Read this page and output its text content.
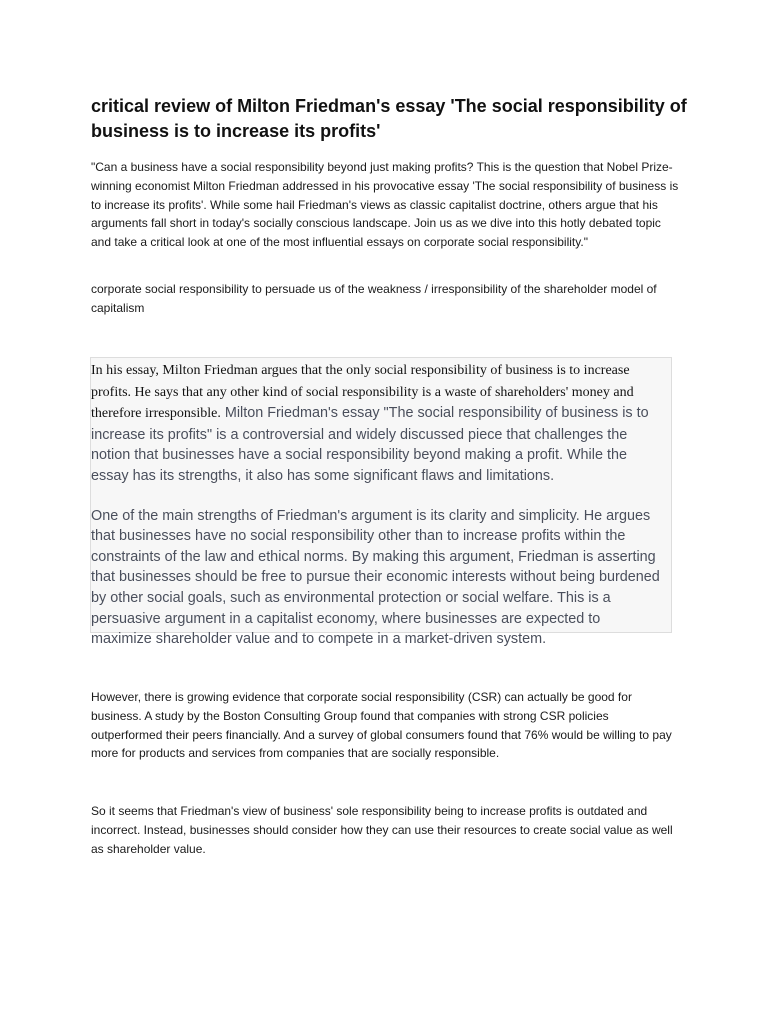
critical review of Milton Friedman's essay 'The social responsibility of business is to increase its profits'

"Can a business have a social responsibility beyond just making profits? This is the question that Nobel Prize-winning economist Milton Friedman addressed in his provocative essay 'The social responsibility of business is to increase its profits'. While some hail Friedman's views as classic capitalist doctrine, others argue that his arguments fall short in today's socially conscious landscape. Join us as we dive into this hotly debated topic and take a critical look at one of the most influential essays on corporate social responsibility."

corporate social responsibility to persuade us of the weakness / irresponsibility of the shareholder model of capitalism

In his essay, Milton Friedman argues that the only social responsibility of business is to increase profits. He says that any other kind of social responsibility is a waste of shareholders' money and therefore irresponsible. Milton Friedman's essay "The social responsibility of business is to increase its profits" is a controversial and widely discussed piece that challenges the notion that businesses have a social responsibility beyond making a profit. While the essay has its strengths, it also has some significant flaws and limitations.

One of the main strengths of Friedman's argument is its clarity and simplicity. He argues that businesses have no social responsibility other than to increase profits within the constraints of the law and ethical norms. By making this argument, Friedman is asserting that businesses should be free to pursue their economic interests without being burdened by other social goals, such as environmental protection or social welfare. This is a persuasive argument in a capitalist economy, where businesses are expected to maximize shareholder value and to compete in a market-driven system.

However, there is growing evidence that corporate social responsibility (CSR) can actually be good for business. A study by the Boston Consulting Group found that companies with strong CSR policies outperformed their peers financially. And a survey of global consumers found that 76% would be willing to pay more for products and services from companies that are socially responsible.

So it seems that Friedman's view of business' sole responsibility being to increase profits is outdated and incorrect. Instead, businesses should consider how they can use their resources to create social value as well as shareholder value.
